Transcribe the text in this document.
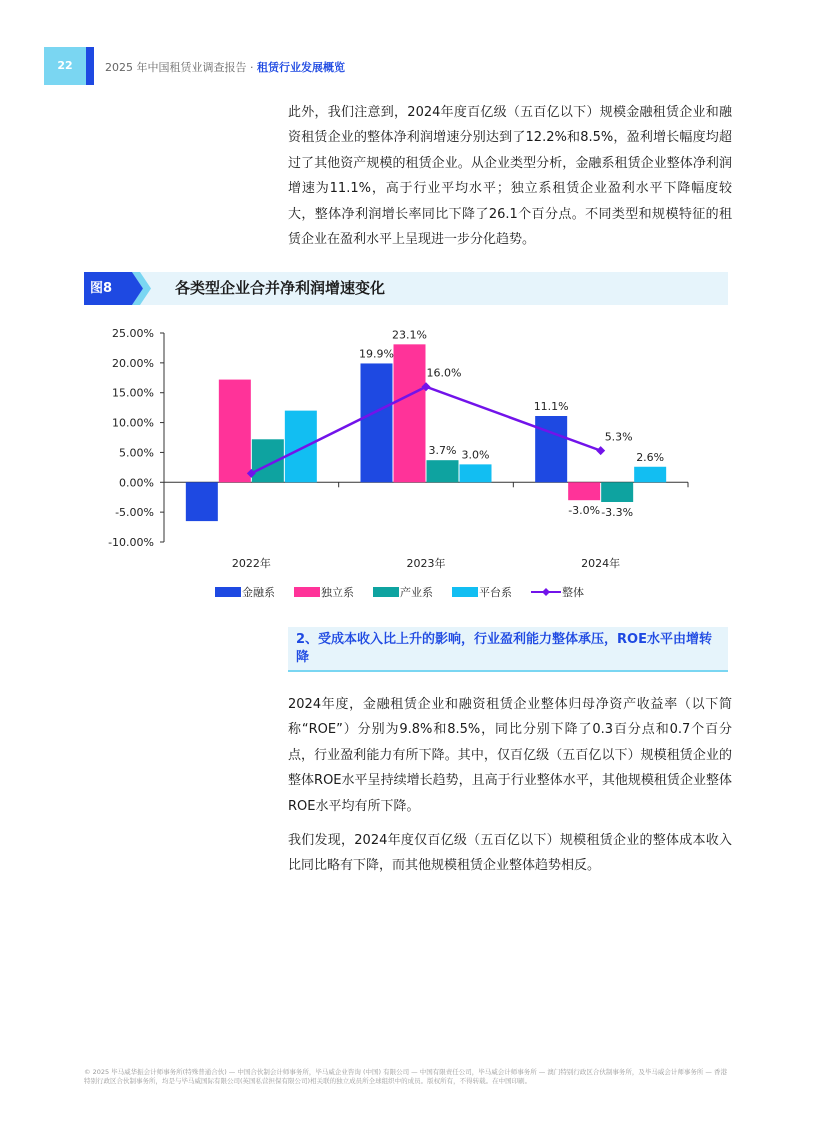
22	2025 年中国租赁业调查报告 · 租赁行业发展概览

此外，我们注意到，2024年度百亿级（五百亿以下）规模金融租赁企业和融资租赁企业的整体净利润增速分别达到了12.2%和8.5%，盈利增长幅度均超过了其他资产规模的租赁企业。从企业类型分析，金融系租赁企业整体净利润增速为11.1%，高于行业平均水平；独立系租赁企业盈利水平下降幅度较大，整体净利润增长率同比下降了26.1个百分点。不同类型和规模特征的租赁企业在盈利水平上呈现进一步分化趋势。

图8	各类型企业合并净利润增速变化
25.00%
20.00%
15.00%
10.00%
5.00%
0.00%
-5.00%
-10.00%
2022年
19.9%
23.1%
3.7% 3.0%
2023年
11.1%
-3.0% -3.3%
2.6%
2024年
16.0%
5.3%
金融系	独立系	产业系	平台系	整体
2、受成本收入比上升的影响，行业盈利能力整体承压，ROE水平由增转降

2024年度，金融租赁企业和融资租赁企业整体归母净资产收益率（以下简称“ROE”）分别为9.8%和8.5%，同比分别下降了0.3百分点和0.7个百分点，行业盈利能力有所下降。其中，仅百亿级（五百亿以下）规模租赁企业的整体ROE水平呈持续增长趋势，且高于行业整体水平，其他规模租赁企业整体ROE水平均有所下降。

我们发现，2024年度仅百亿级（五百亿以下）规模租赁企业的整体成本收入比同比略有下降，而其他规模租赁企业整体趋势相反。

© 2025 毕马威华振会计师事务所(特殊普通合伙) — 中国合伙制会计师事务所，毕马威企业咨询 (中国) 有限公司 — 中国有限责任公司，毕马威会计师事务所 — 澳门特别行政区合伙制事务所，及毕马威会计师事务所 — 香港特别行政区合伙制事务所，均是与毕马威国际有限公司(英国私营担保有限公司)相关联的独立成员所全球组织中的成员。版权所有，不得转载。在中国印刷。
